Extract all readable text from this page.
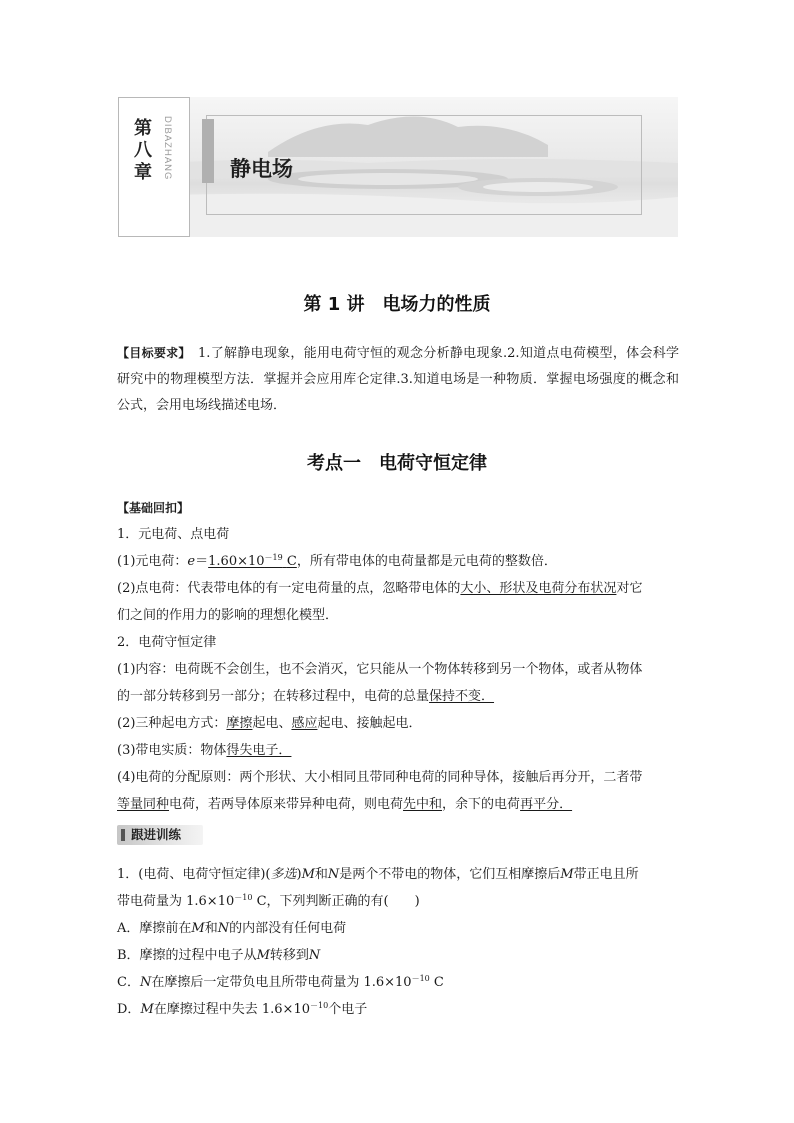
第八章	DIBAZHANG	静电场
第 1 讲　电场力的性质
【目标要求】　1.了解静电现象，能用电荷守恒的观念分析静电现象.2.知道点电荷模型，体会科学研究中的物理模型方法．掌握并会应用库仑定律.3.知道电场是一种物质．掌握电场强度的概念和公式，会用电场线描述电场．
考点一　电荷守恒定律
【基础回扣】
1．元电荷、点电荷
(1)元电荷：$e=1.60\times 10^{-19}$ C，所有带电体的电荷量都是元电荷的整数倍．
(2)点电荷：代表带电体的有一定电荷量的点，忽略带电体的大小、形状及电荷分布状况对它
们之间的作用力的影响的理想化模型．
2．电荷守恒定律
(1)内容：电荷既不会创生，也不会消灭，它只能从一个物体转移到另一个物体，或者从物体
的一部分转移到另一部分；在转移过程中，电荷的总量保持不变．
(2)三种起电方式：摩擦起电、感应起电、接触起电．
(3)带电实质：物体得失电子．
(4)电荷的分配原则：两个形状、大小相同且带同种电荷的同种导体，接触后再分开，二者带
等量同种电荷，若两导体原来带异种电荷，则电荷先中和，余下的电荷再平分．
跟进训练
1．(电荷、电荷守恒定律)(多选)M和N是两个不带电的物体，它们互相摩擦后M带正电且所
带电荷量为 $1.6\times 10^{-10}$ C，下列判断正确的有(　　)
A．摩擦前在M和N的内部没有任何电荷
B．摩擦的过程中电子从M转移到N
C．N在摩擦后一定带负电且所带电荷量为 $1.6\times 10^{-10}$ C
D．M在摩擦过程中失去 $1.6\times 10^{-10}$个电子
